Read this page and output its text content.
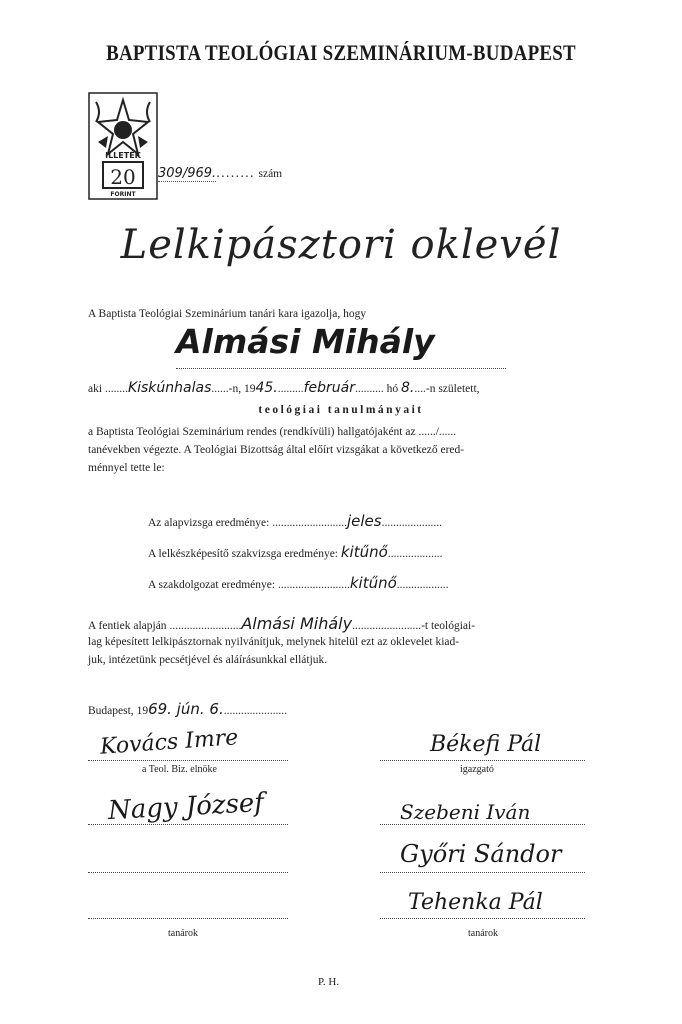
BAPTISTA TEOLÓGIAI SZEMINÁRIUM-BUDAPEST
ILLETÉK
20
FORINT
309/969......... szám
Lelkipásztori oklevél
A Baptista Teológiai Szeminárium tanári kara igazolja, hogy
Almási Mihály
aki ........Kiskúnhalas......-n, 1945..........február.......... hó 8.....-n született,
teológiai tanulmányait
a Baptista Teológiai Szeminárium rendes (rendkívüli) hallgatójaként az ....../......
tanévekben végezte. A Teológiai Bizottság által előírt vizsgákat a következő ered-
ménnyel tette le:
Az alapvizsga eredménye: ..........................jeles.....................
A lelkészképesítő szakvizsga eredménye: kitűnő...................
A szakdolgozat eredménye: .........................kitűnő..................
A fentiek alapján .........................Almási Mihály........................-t teológiai-
lag képesített lelkipásztornak nyilvánítjuk, melynek hitelül ezt az oklevelet kiad-
juk, intézetünk pecsétjével és aláírásunkkal ellátjuk.
Budapest, 1969. jún. 6.......................
Kovács Imre
a Teol. Biz. elnöke
Békefi Pál
igazgató
Nagy József
tanárok
Szebeni Iván
Győri Sándor
Tehenka Pál
tanárok
P. H.
